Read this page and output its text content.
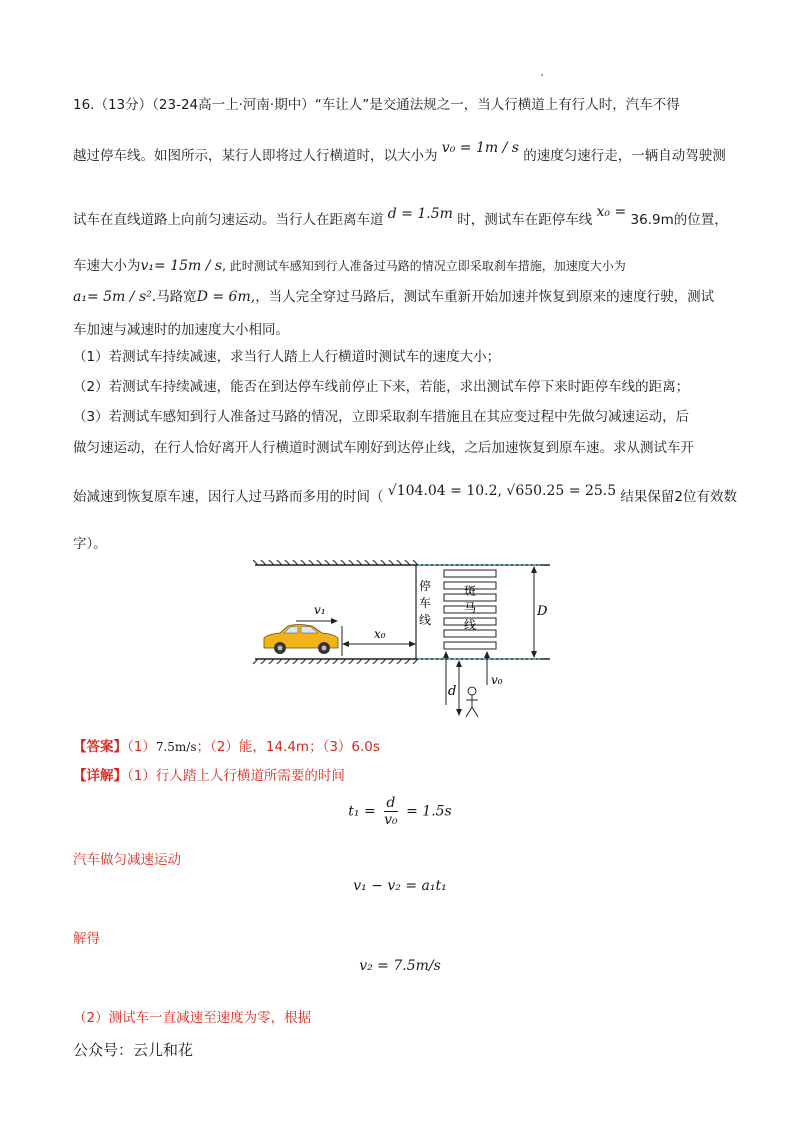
16.（13分）（23-24高一上·河南·期中）“车让人”是交通法规之一，当人行横道上有行人时，汽车不得
越过停车线。如图所示，某行人即将过人行横道时，以大小为 v₀ = 1m / s 的速度匀速行走，一辆自动驾驶测
试车在直线道路上向前匀速运动。当行人在距离车道 d = 1.5m 时，测试车在距停车线 x₀ = 36.9m的位置，
车速大小为v₁= 15m / s, 此时测试车感知到行人准备过马路的情况立即采取刹车措施，加速度大小为
a₁= 5m / s².马路宽D = 6m,，当人完全穿过马路后，测试车重新开始加速并恢复到原来的速度行驶，测试
车加速与减速时的加速度大小相同。
（1）若测试车持续减速，求当行人踏上人行横道时测试车的速度大小；
（2）若测试车持续减速，能否在到达停车线前停止下来，若能，求出测试车停下来时距停车线的距离；
（3）若测试车感知到行人准备过马路的情况，立即采取刹车措施且在其应变过程中先做匀减速运动，后
做匀速运动，在行人恰好离开人行横道时测试车刚好到达停止线，之后加速恢复到原车速。求从测试车开
始减速到恢复原车速，因行人过马路而多用的时间（ √104.04 = 10.2, √650.25 = 25.5 结果保留2位有效数
字）。
斑
马
线
停
车
线
D
d
v₀
v₁
x₀
【答案】（1）7.5m/s；（2）能，14.4m；（3）6.0s
【详解】（1）行人踏上人行横道所需要的时间
$t_1 = \frac{d}{\text{v₀}} = 1.5s$
汽车做匀减速运动
v₁ − v₂ = a₁t₁
解得
v₂ = 7.5m/s
（2）测试车一直减速至速度为零，根据
公众号：云儿和花
